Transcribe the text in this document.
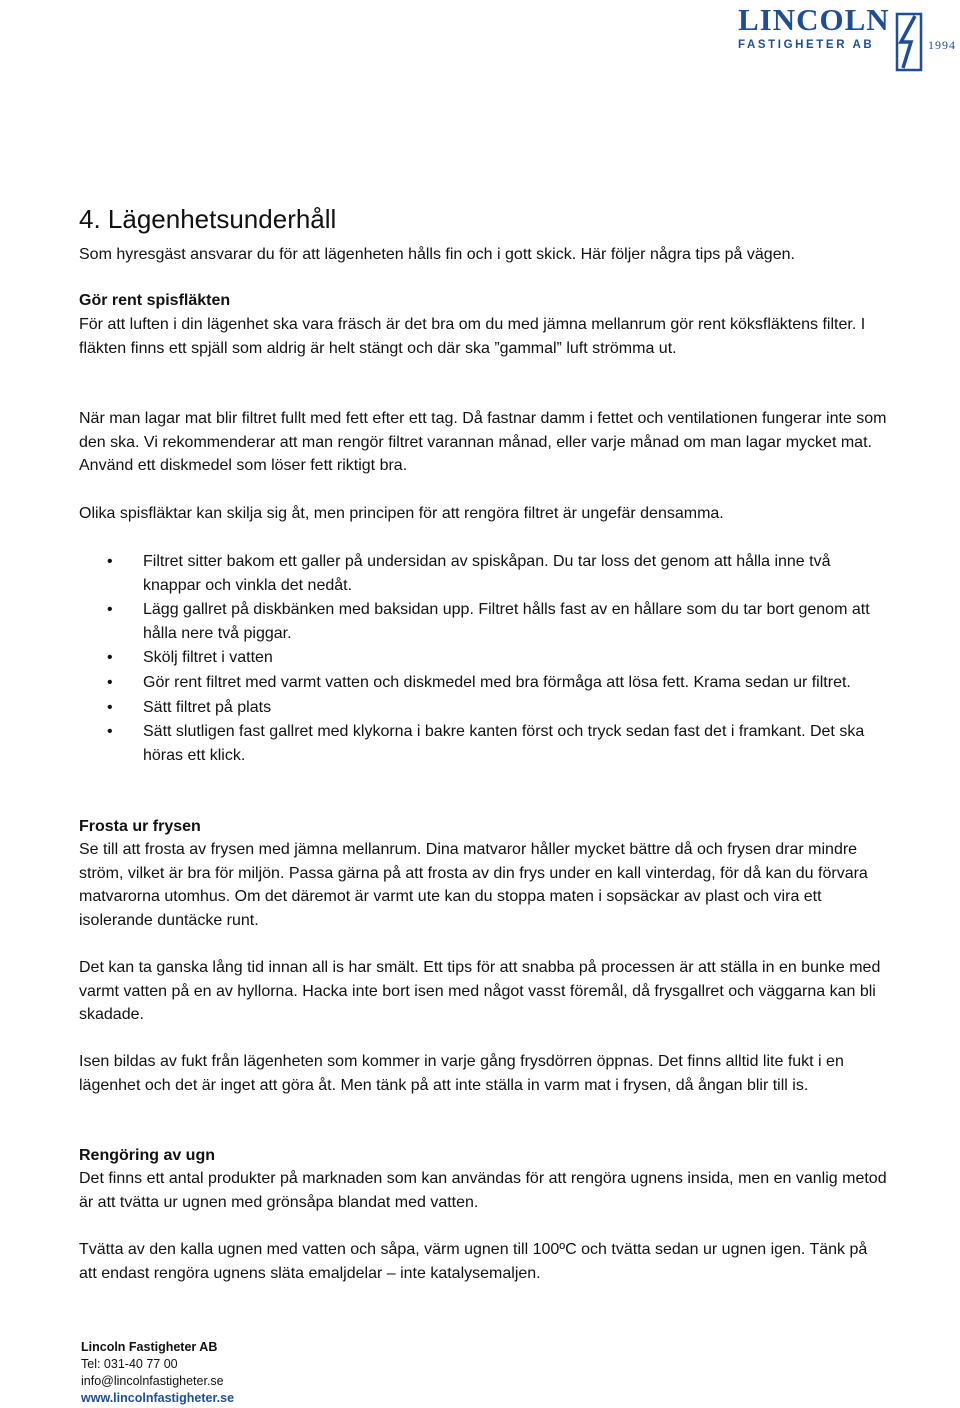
LINCOLN
FASTIGHETER AB	1994
4. Lägenhetsunderhåll

Som hyresgäst ansvarar du för att lägenheten hålls fin och i gott skick. Här följer några tips på vägen.

Gör rent spisfläkten

För att luften i din lägenhet ska vara fräsch är det bra om du med jämna mellanrum gör rent köksfläktens filter. I fläkten finns ett spjäll som aldrig är helt stängt och där ska ”gammal” luft strömma ut.

När man lagar mat blir filtret fullt med fett efter ett tag. Då fastnar damm i fettet och ventilationen fungerar inte som den ska. Vi rekommenderar att man rengör filtret varannan månad, eller varje månad om man lagar mycket mat. Använd ett diskmedel som löser fett riktigt bra.

Olika spisfläktar kan skilja sig åt, men principen för att rengöra filtret är ungefär densamma.

• Filtret sitter bakom ett galler på undersidan av spiskåpan. Du tar loss det genom att hålla inne två knappar och vinkla det nedåt.
• Lägg gallret på diskbänken med baksidan upp. Filtret hålls fast av en hållare som du tar bort genom att hålla nere två piggar.
• Skölj filtret i vatten
• Gör rent filtret med varmt vatten och diskmedel med bra förmåga att lösa fett. Krama sedan ur filtret.
• Sätt filtret på plats
• Sätt slutligen fast gallret med klykorna i bakre kanten först och tryck sedan fast det i framkant. Det ska höras ett klick.
Frosta ur frysen

Se till att frosta av frysen med jämna mellanrum. Dina matvaror håller mycket bättre då och frysen drar mindre ström, vilket är bra för miljön. Passa gärna på att frosta av din frys under en kall vinterdag, för då kan du förvara matvarorna utomhus. Om det däremot är varmt ute kan du stoppa maten i sopsäckar av plast och vira ett isolerande duntäcke runt.

Det kan ta ganska lång tid innan all is har smält. Ett tips för att snabba på processen är att ställa in en bunke med varmt vatten på en av hyllorna. Hacka inte bort isen med något vasst föremål, då frysgallret och väggarna kan bli skadade.

Isen bildas av fukt från lägenheten som kommer in varje gång frysdörren öppnas. Det finns alltid lite fukt i en lägenhet och det är inget att göra åt. Men tänk på att inte ställa in varm mat i frysen, då ångan blir till is.

Rengöring av ugn

Det finns ett antal produkter på marknaden som kan användas för att rengöra ugnens insida, men en vanlig metod är att tvätta ur ugnen med grönsåpa blandat med vatten.

Tvätta av den kalla ugnen med vatten och såpa, värm ugnen till 100ºC och tvätta sedan ur ugnen igen. Tänk på att endast rengöra ugnens släta emaljdelar – inte katalysemaljen.

Lincoln Fastigheter AB
Tel: 031-40 77 00
info@lincolnfastigheter.se
www.lincolnfastigheter.se
